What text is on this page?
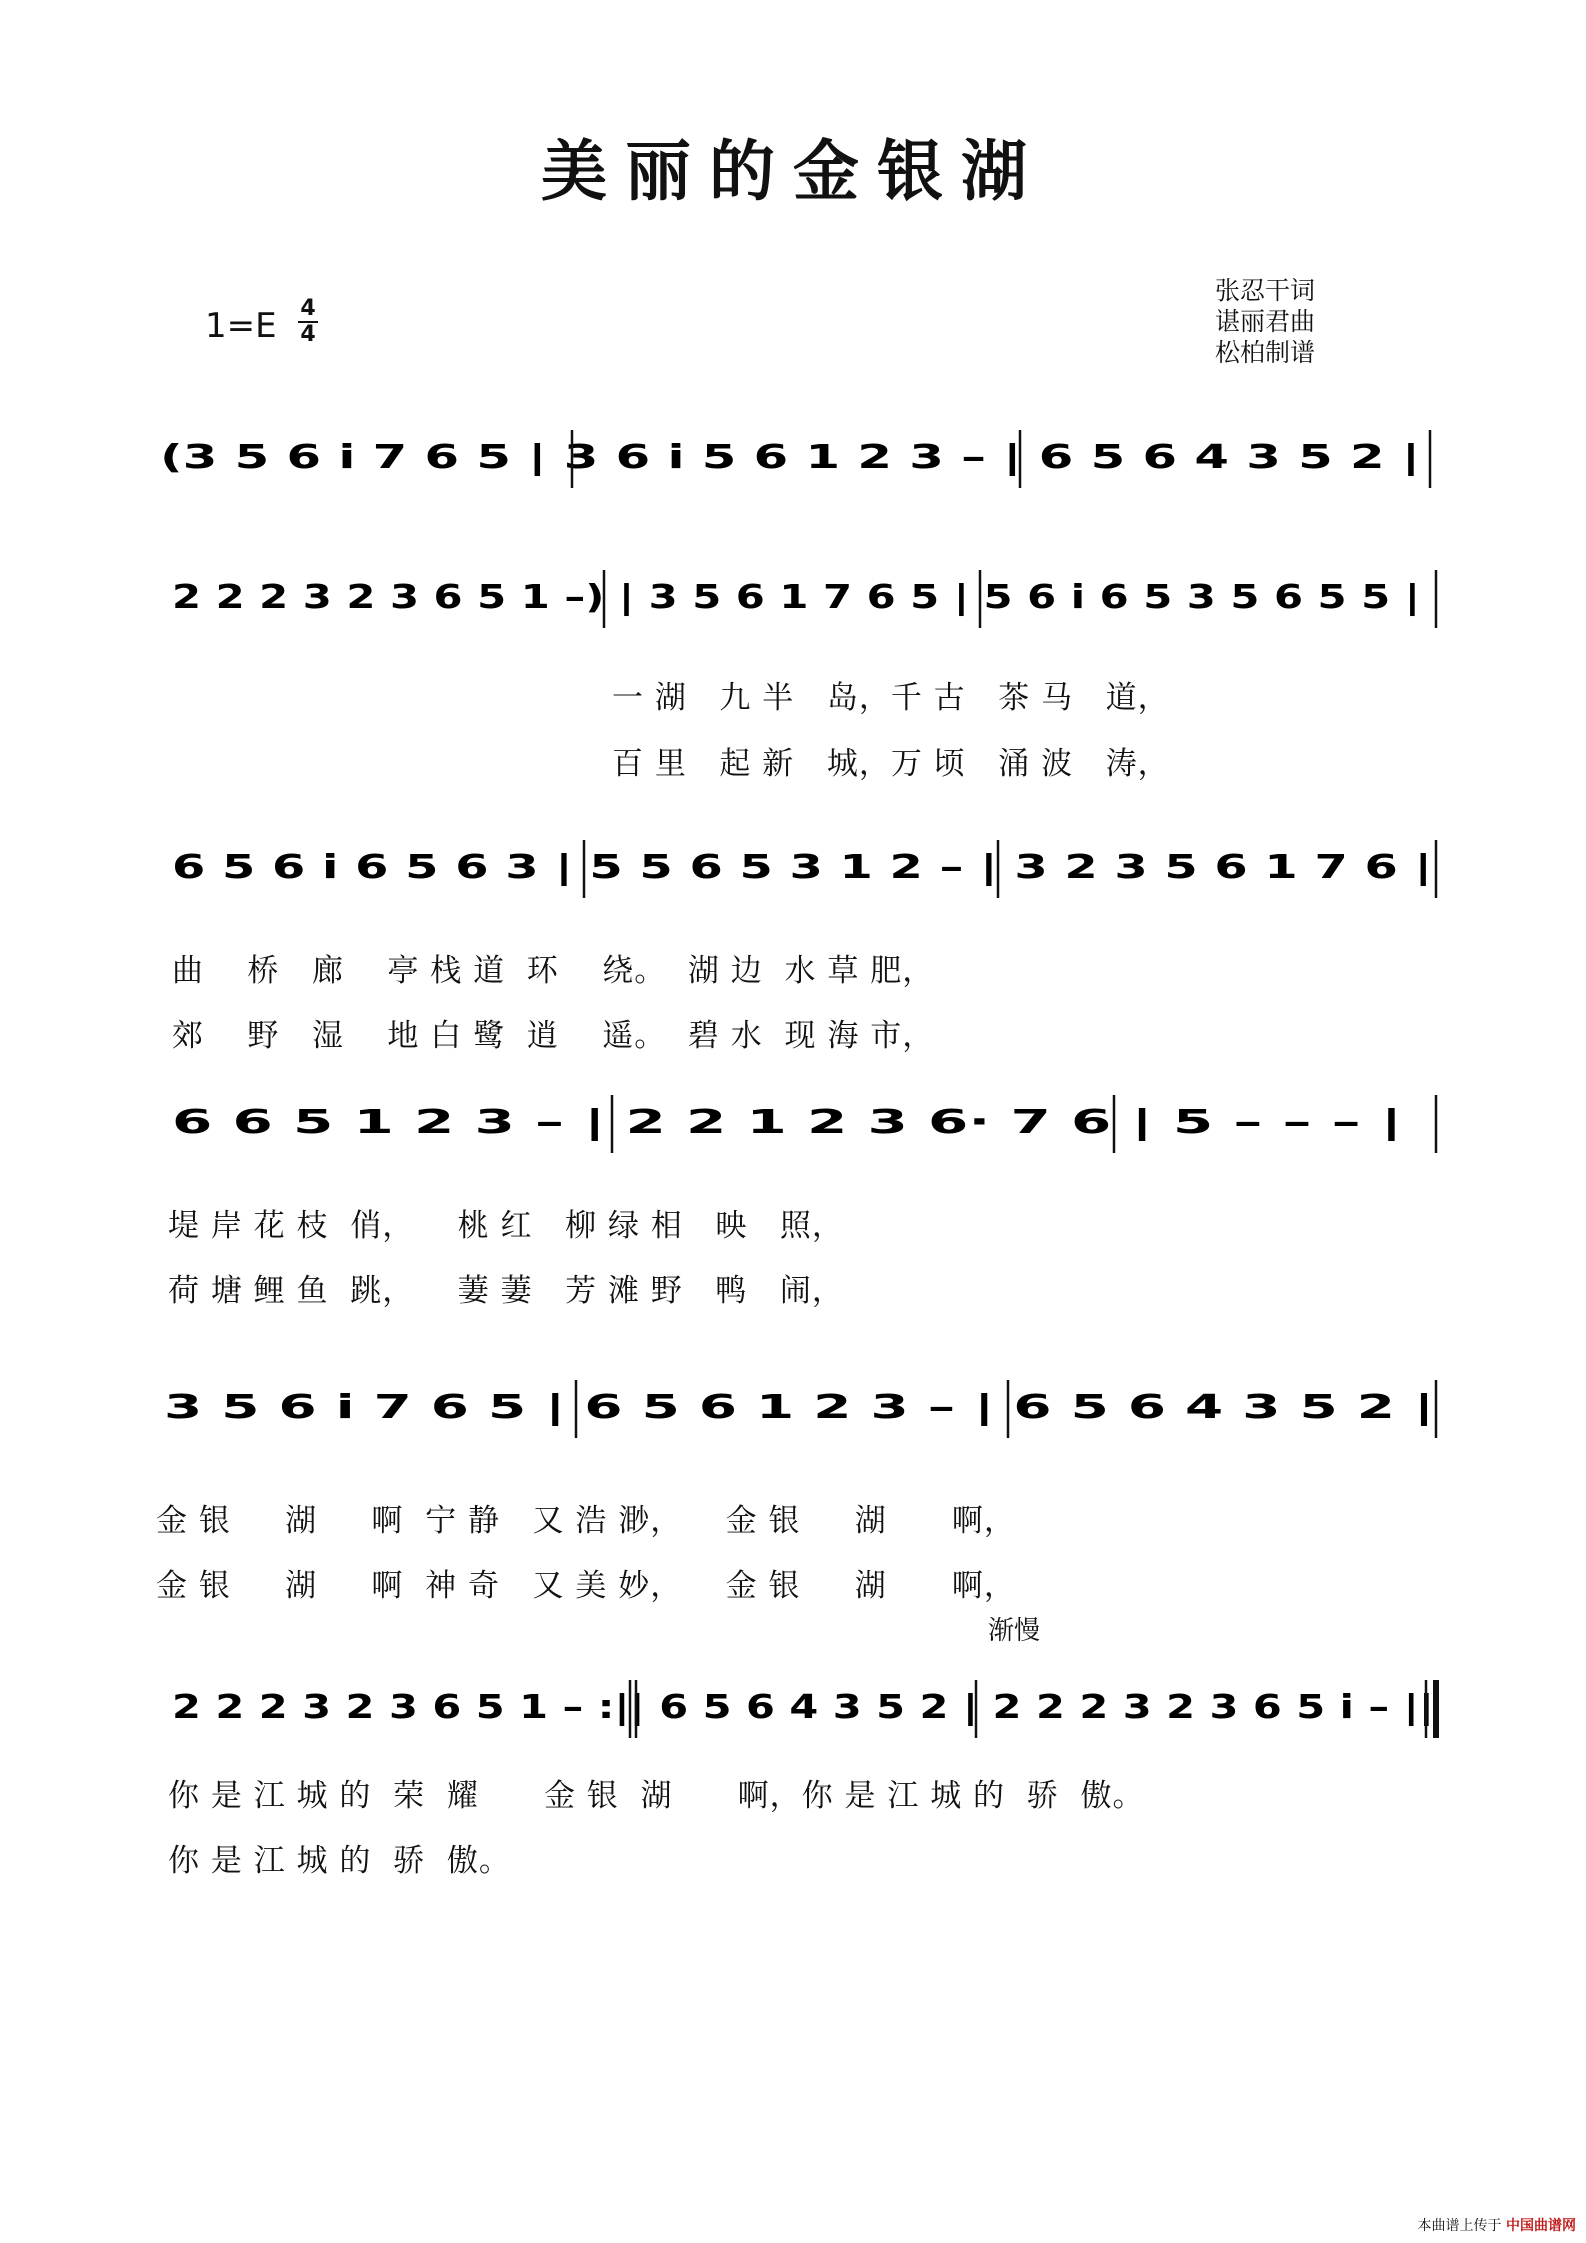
美丽的金银湖
1=E 4
4
张忍干词
谌丽君曲
松柏制谱
(3 5 6 i 7 6 5 | 3 6 i 5 6 1 2 3 – | 6 5 6 4 3 5 2 |
2 2 2 3 2 3 6 5 1 –) | 3 5 6 1 7 6 5 | 5 6 i 6 5 3 5 6 5 5 |
一 湖   九 半   岛，千 古   茶 马   道，
百 里   起 新   城，万 顷   涌 波   涛，
6 5 6 i 6 5 6 3 | 5 5 6 5 3 1 2 – | 3 2 3 5 6 1 7 6 |
曲    桥   廊    亭 栈 道  环    绕。  湖 边  水 草 肥，
郊    野   湿    地 白 鹭  逍    遥。  碧 水  现 海 市，
6 6 5 1 2 3 – | 2 2 1 2 3 6· 7 6 | 5 – – – |
堤 岸 花 枝  俏，    桃 红   柳 绿 相   映   照，
荷 塘 鲤 鱼  跳，    萋 萋   芳 滩 野   鸭   闹，
3 5 6 i 7 6 5 | 6 5 6 1 2 3 – | 6 5 6 4 3 5 2 |
金 银     湖     啊  宁 静   又 浩 渺，    金 银     湖      啊，
金 银     湖     啊  神 奇   又 美 妙，    金 银     湖      啊，
渐慢
2 2 2 3 2 3 6 5 1 – :|| 6 5 6 4 3 5 2 | 2 2 2 3 2 3 6 5 i – ||
你 是 江 城 的  荣  耀      金 银  湖      啊，你 是 江 城 的  骄  傲。
你 是 江 城 的  骄  傲。
本曲谱上传于 中国曲谱网
